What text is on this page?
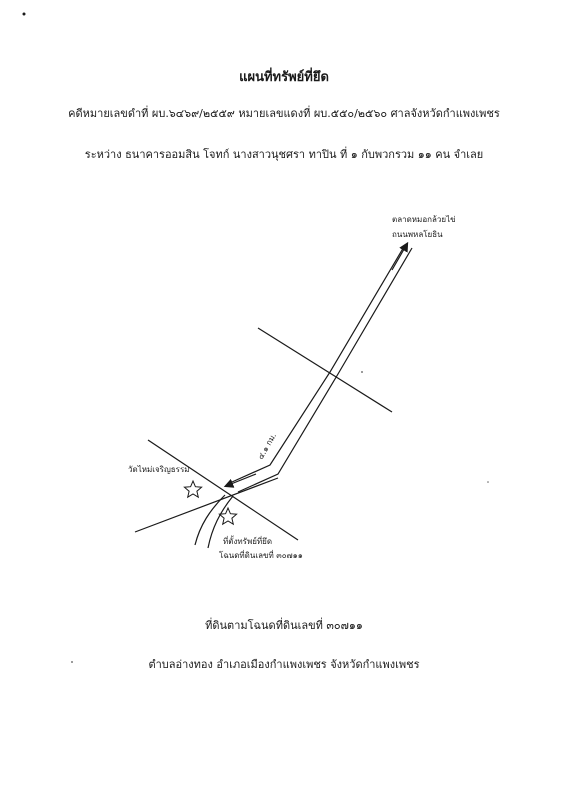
แผนที่ทรัพย์ที่ยึด
คดีหมายเลขดำที่ ผบ.๖๔๖๙/๒๕๕๙ หมายเลขแดงที่ ผบ.๕๕๐/๒๕๖๐ ศาลจังหวัดกำแพงเพชร
ระหว่าง ธนาคารออมสิน โจทก์ นางสาวนุชศรา ทาปิน ที่ ๑ กับพวกรวม ๑๑ คน จำเลย
ตลาดหมอกล้วยไข่
ถนนพหลโยธิน
๔.๑ กม.
วัดไหม่เจริญธรรม
ที่ตั้งทรัพย์ที่ยึด
โฉนดที่ดินเลขที่ ๓๐๗๑๑
ที่ดินตามโฉนดที่ดินเลขที่ ๓๐๗๑๑
ตำบลอ่างทอง อำเภอเมืองกำแพงเพชร จังหวัดกำแพงเพชร
